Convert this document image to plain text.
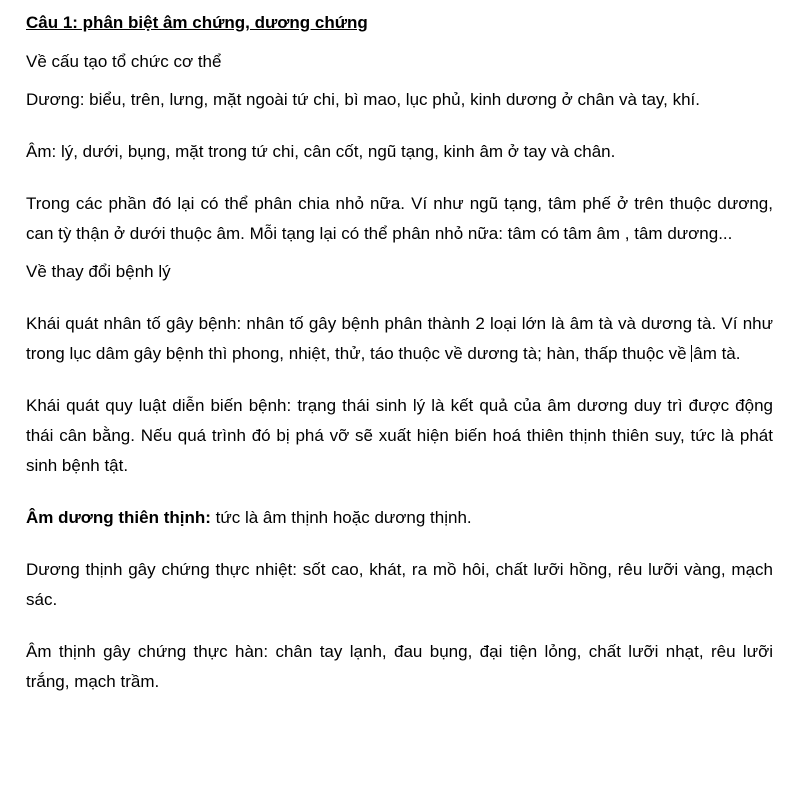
Câu 1: phân biệt âm chứng, dương chứng

Về cấu tạo tổ chức cơ thể

Dương: biểu, trên, lưng, mặt ngoài tứ chi, bì mao, lục phủ, kinh dương ở chân và tay, khí.

Âm: lý, dưới, bụng, mặt trong tứ chi, cân cốt, ngũ tạng, kinh âm ở tay và chân.

Trong các phần đó lại có thể phân chia nhỏ nữa. Ví như ngũ tạng, tâm phế ở trên thuộc dương, can tỳ thận ở dưới thuộc âm. Mỗi tạng lại có thể phân nhỏ nữa: tâm có tâm âm , tâm dương...

Về thay đổi bệnh lý

Khái quát nhân tố gây bệnh: nhân tố gây bệnh phân thành 2 loại lớn là âm tà và dương tà. Ví như trong lục dâm gây bệnh thì phong, nhiệt, thử, táo thuộc về dương tà; hàn, thấp thuộc về âm tà.

Khái quát quy luật diễn biến bệnh: trạng thái sinh lý là kết quả của âm dương duy trì được động thái cân bằng. Nếu quá trình đó bị phá vỡ sẽ xuất hiện biến hoá thiên thịnh thiên suy, tức là phát sinh bệnh tật.

Âm dương thiên thịnh: tức là âm thịnh hoặc dương thịnh.

Dương thịnh gây chứng thực nhiệt: sốt cao, khát, ra mồ hôi, chất lưỡi hồng, rêu lưỡi vàng, mạch sác.

Âm thịnh gây chứng thực hàn: chân tay lạnh, đau bụng, đại tiện lỏng, chất lưỡi nhạt, rêu lưỡi trắng, mạch trầm.
